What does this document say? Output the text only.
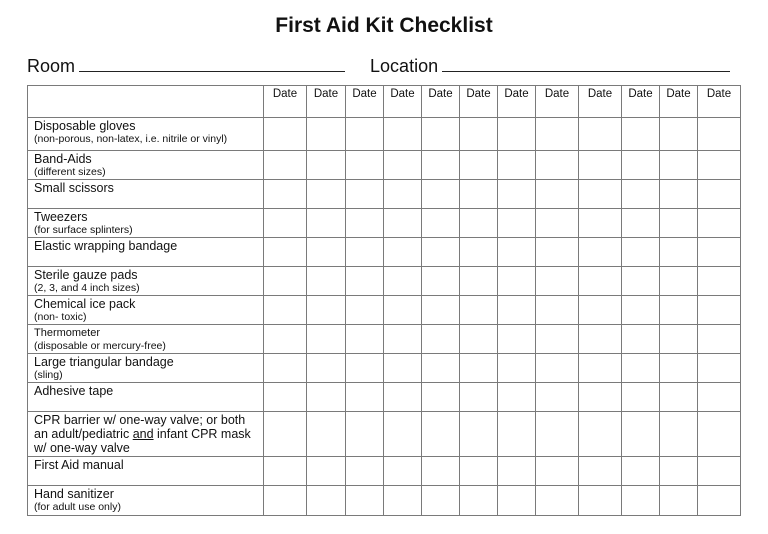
First Aid Kit Checklist
Room	Location
	Date	Date	Date	Date	Date	Date	Date	Date	Date	Date	Date	Date

Disposable gloves
(non-porous, non-latex, i.e. nitrile or vinyl)												

Band-Aids
(different sizes)												

Small scissors												

Tweezers
(for surface splinters)												

Elastic wrapping bandage												

Sterile gauze pads
(2, 3, and 4 inch sizes)												

Chemical ice pack
(non- toxic)												

Thermometer
(disposable or mercury-free)												

Large triangular bandage
(sling)												

Adhesive tape												

CPR barrier w/ one-way valve; or both an adult/pediatric and infant CPR mask w/ one-way valve												

First Aid manual												

Hand sanitizer
(for adult use only)												
